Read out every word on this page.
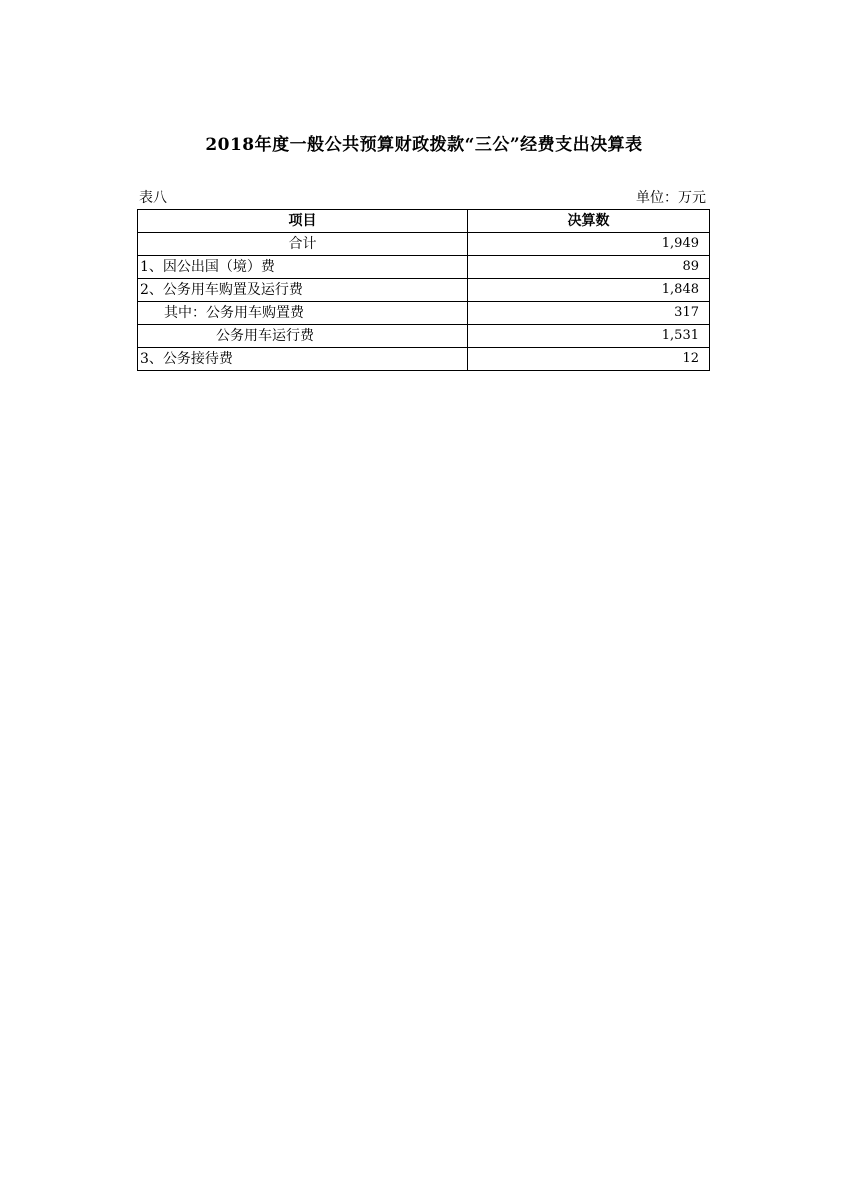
2018年度一般公共预算财政拨款“三公”经费支出决算表
表八	单位：万元
项目	决算数
合计	1,949
1、因公出国（境）费	89
2、公务用车购置及运行费	1,848
其中：公务用车购置费	317
公务用车运行费	1,531
3、公务接待费	12
